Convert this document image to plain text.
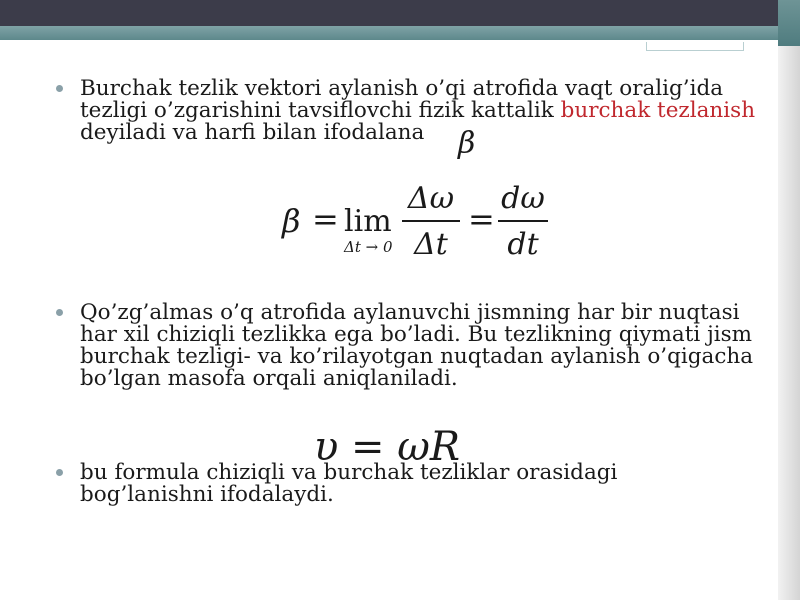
Burchak tezlik vektori aylanish o’qi atrofida vaqt oralig’ida tezligi o’zgarishini tavsiflovchi fizik kattalik burchak tezlanish deyiladi va harfi bilan ifodalana	β
β = lim
Δt → 0
Δω
Δt
=
dω
dt
Qo’zg’almas o’q atrofida aylanuvchi jismning har bir nuqtasi har xil chiziqli tezlikka ega bo’ladi. Bu tezlikning qiymati jism burchak tezligi- va ko’rilayotgan nuqtadan aylanish o’qigacha bo’lgan masofa orqali aniqlaniladi.
υ = ωR
bu formula chiziqli va burchak tezliklar orasidagi bog’lanishni ifodalaydi.
